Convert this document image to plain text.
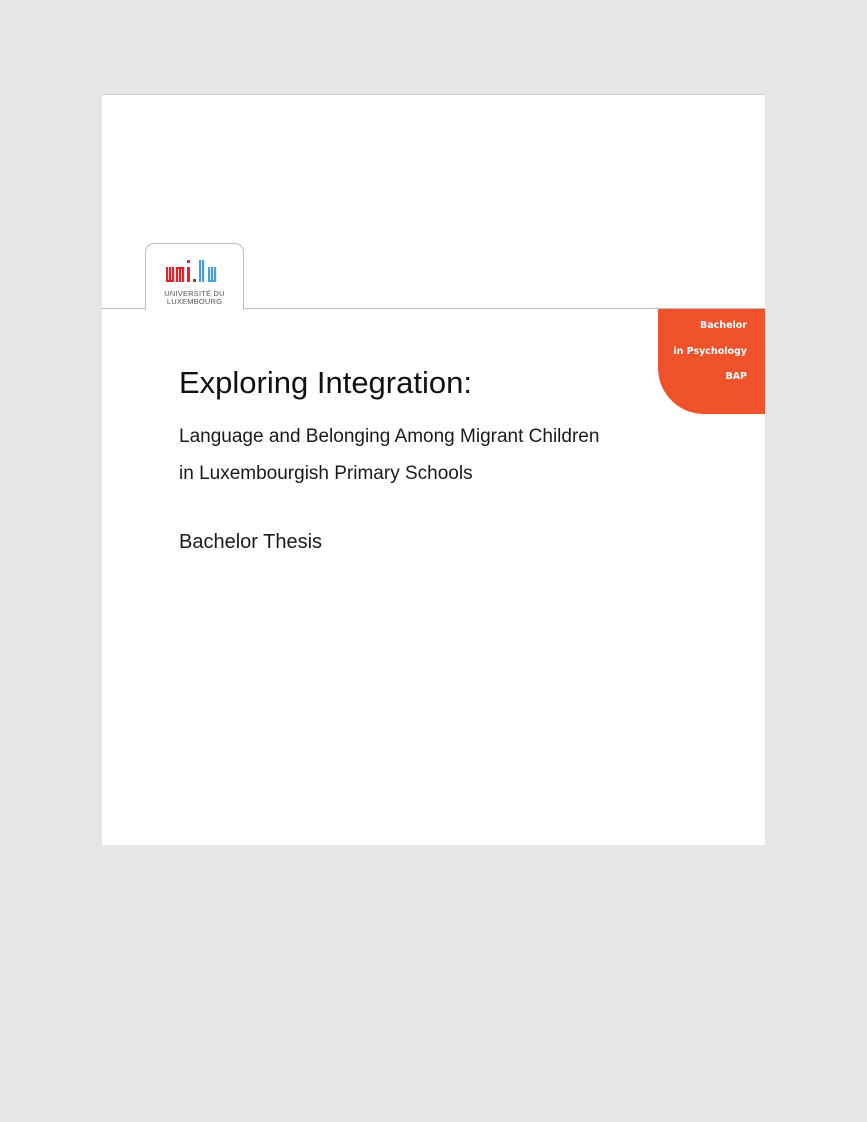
UNIVERSITÉ DU
LUXEMBOURG
Bachelor
in Psychology
BAP
Exploring Integration:
Language and Belonging Among Migrant Children
in Luxembourgish Primary Schools
Bachelor Thesis
